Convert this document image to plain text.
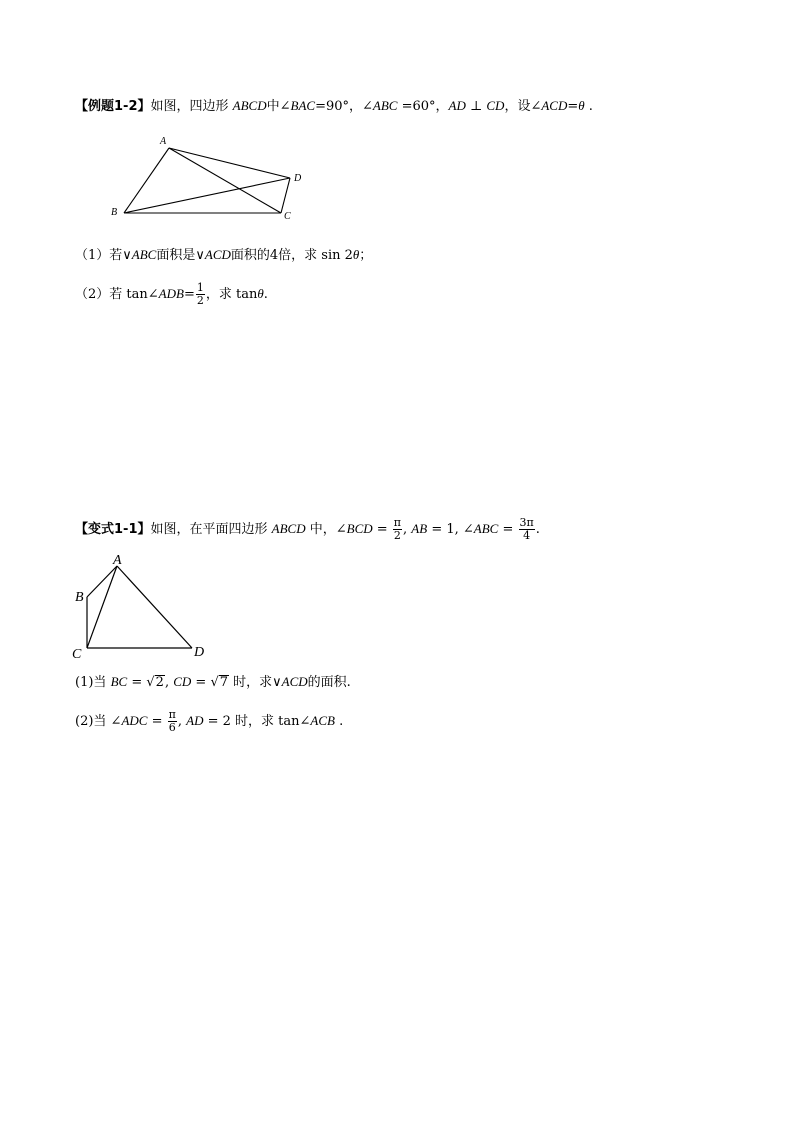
【例题1-2】如图，四边形 ABCD中∠BAC=90°，∠ABC =60°，AD ⊥ CD，设∠ACD=θ .
A
B	C
D
（1）若∨ABC面积是∨ACD面积的4倍，求 sin 2θ；
（2）若 tan∠ADB= $\frac{1}{2}$ ，求 tanθ.
【变式1-1】如图，在平面四边形 ABCD 中，∠BCD = $\frac{\pi}{2}$ , AB = 1, ∠ABC = $\frac{3\pi}{4}$ .
A
B
C	D
(1)当 BC = √2, CD = √7 时，求∨ACD的面积.
(2)当 ∠ADC = $\frac{\pi}{6}$ , AD = 2 时，求 tan∠ACB .
